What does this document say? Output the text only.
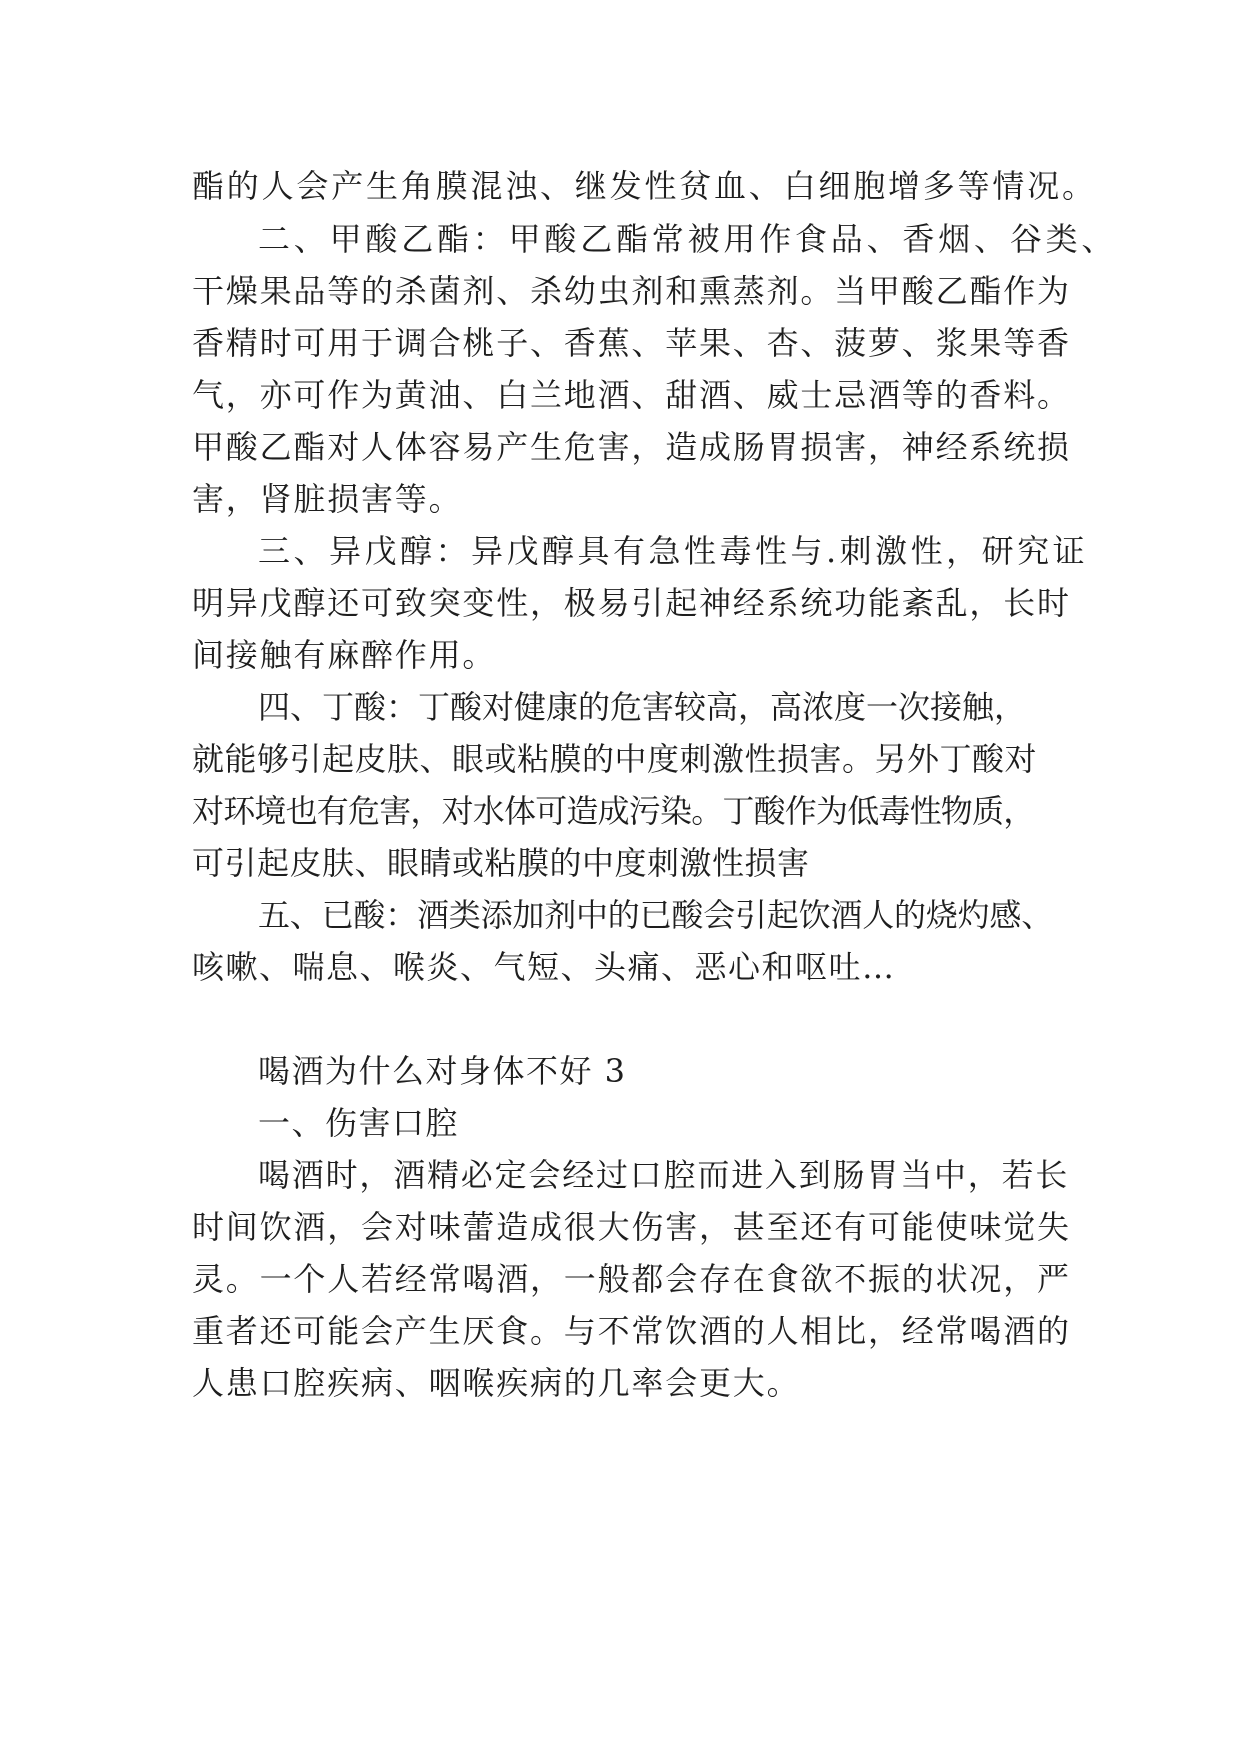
酯的人会产生角膜混浊、继发性贫血、白细胞增多等情况。
二、甲酸乙酯：甲酸乙酯常被用作食品、香烟、谷类、
干燥果品等的杀菌剂、杀幼虫剂和熏蒸剂。当甲酸乙酯作为
香精时可用于调合桃子、香蕉、苹果、杏、菠萝、浆果等香
气，亦可作为黄油、白兰地酒、甜酒、威士忌酒等的香料。
甲酸乙酯对人体容易产生危害，造成肠胃损害，神经系统损
害，肾脏损害等。
三、异戊醇：异戊醇具有急性毒性与.刺激性，研究证
明异戊醇还可致突变性，极易引起神经系统功能紊乱，长时
间接触有麻醉作用。
四、丁酸：丁酸对健康的危害较高，高浓度一次接触，
就能够引起皮肤、眼或粘膜的中度刺激性损害。另外丁酸对
对环境也有危害，对水体可造成污染。丁酸作为低毒性物质，
可引起皮肤、眼睛或粘膜的中度刺激性损害
五、已酸：酒类添加剂中的已酸会引起饮酒人的烧灼感、
咳嗽、喘息、喉炎、气短、头痛、恶心和呕吐…
喝酒为什么对身体不好 3
一、伤害口腔
喝酒时，酒精必定会经过口腔而进入到肠胃当中，若长
时间饮酒，会对味蕾造成很大伤害，甚至还有可能使味觉失
灵。一个人若经常喝酒，一般都会存在食欲不振的状况，严
重者还可能会产生厌食。与不常饮酒的人相比，经常喝酒的
人患口腔疾病、咽喉疾病的几率会更大。
